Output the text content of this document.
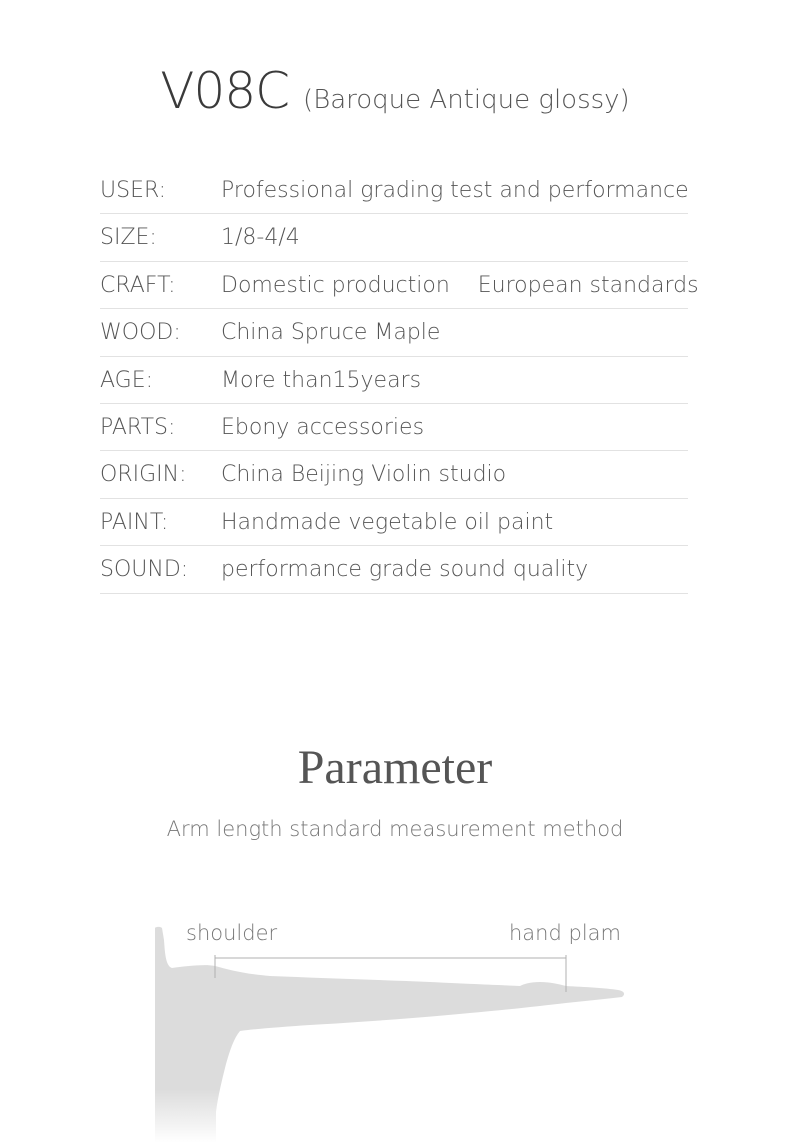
V08C (Baroque Antique glossy)
USER:	Professional grading test and performance
SIZE:	1/8-4/4
CRAFT: Domestic production    European standards
WOOD: China Spruce Maple
AGE:	More than15years
PARTS: Ebony accessories
ORIGIN: China Beijing Violin studio
PAINT: Handmade vegetable oil paint
SOUND: performance grade sound quality
Parameter
Arm length standard measurement method
shoulder	hand plam
